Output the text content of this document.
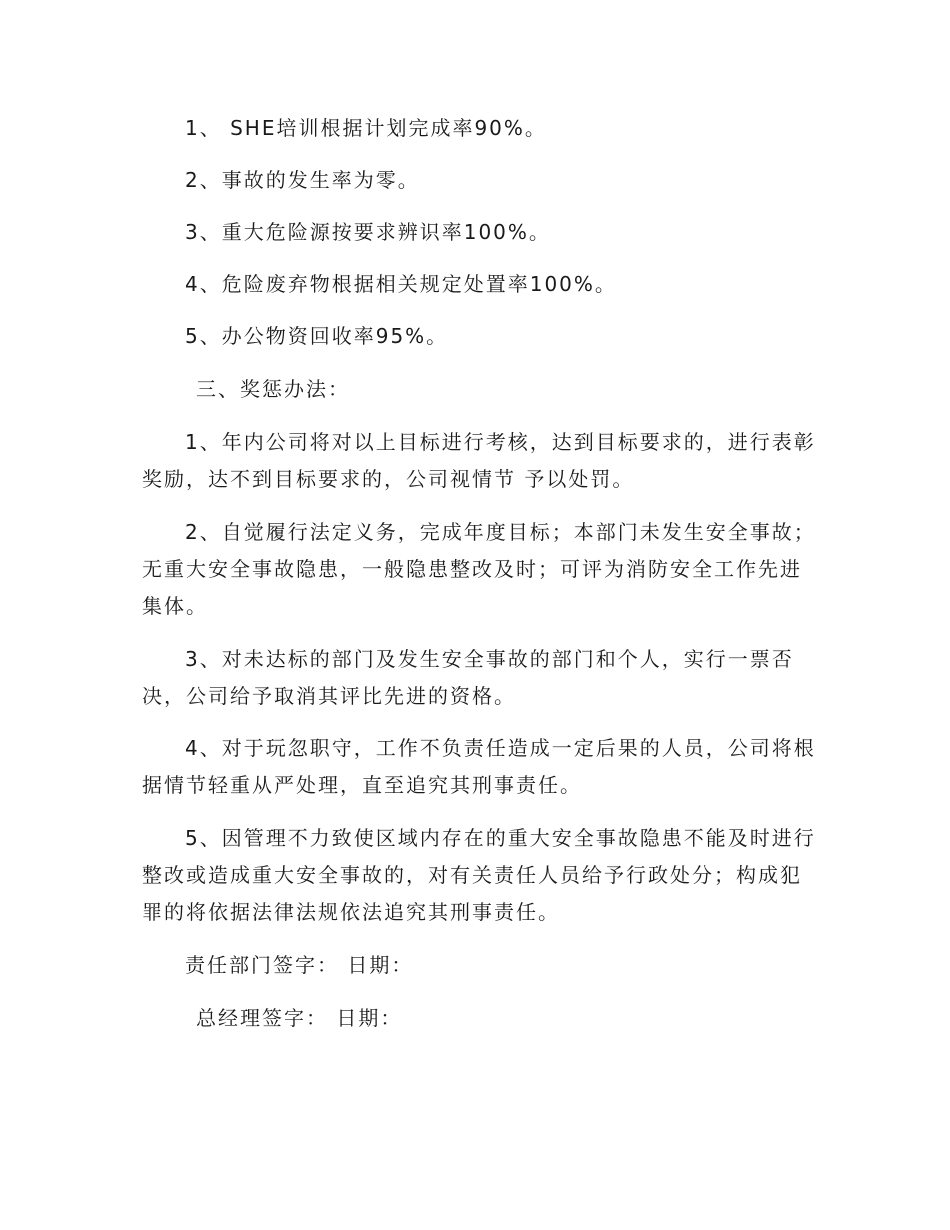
1、 SHE培训根据计划完成率90%。
2、事故的发生率为零。
3、重大危险源按要求辨识率100%。
4、危险废弃物根据相关规定处置率100%。
5、办公物资回收率95%。
三、奖惩办法：
1、年内公司将对以上目标进行考核，达到目标要求的，进行表彰
奖励，达不到目标要求的，公司视情节 予以处罚。
2、自觉履行法定义务，完成年度目标；本部门未发生安全事故；
无重大安全事故隐患，一般隐患整改及时；可评为消防安全工作先进
集体。
3、对未达标的部门及发生安全事故的部门和个人，实行一票否
决，公司给予取消其评比先进的资格。
4、对于玩忽职守，工作不负责任造成一定后果的人员，公司将根
据情节轻重从严处理，直至追究其刑事责任。
5、因管理不力致使区域内存在的重大安全事故隐患不能及时进行
整改或造成重大安全事故的，对有关责任人员给予行政处分；构成犯
罪的将依据法律法规依法追究其刑事责任。
责任部门签字： 日期：
总经理签字： 日期：
